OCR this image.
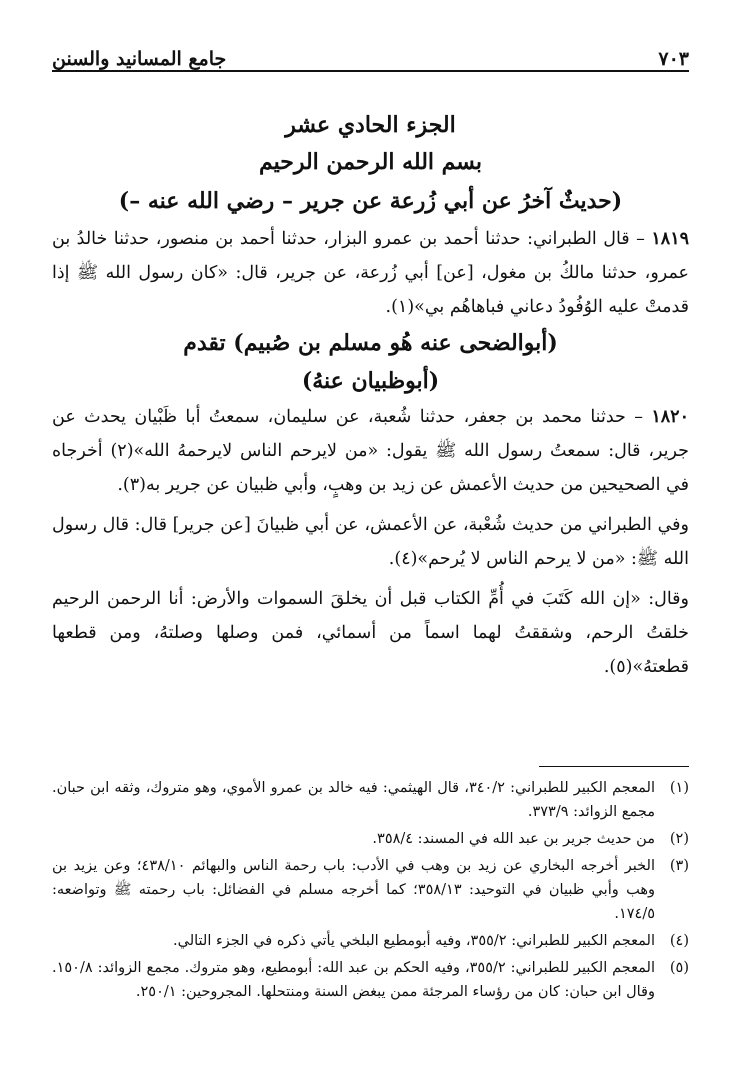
٧٠٣
جامع المسانيد والسنن
الجزء الحادي عشر
بسم الله الرحمن الرحيم
(حديثٌ آخرُ عن أبي زُرعة عن جرير – رضي الله عنه –)
١٨١٩ – قال الطبراني: حدثنا أحمد بن عمرو البزار، حدثنا أحمد بن منصور، حدثنا خالدُ بن عمرو، حدثنا مالكُ بن مغول، [عن] أبي زُرعة، عن جرير، قال: «كان رسول الله ﷺ إذا قدمتْ عليه الوُفُودُ دعاني فباهاهُم بي»(١).
(أبوالضحى عنه هُو مسلم بن صُبيم) تقدم
(أبوظبيان عنهُ)
١٨٢٠ – حدثنا محمد بن جعفر، حدثنا شُعبة، عن سليمان، سمعتُ أبا ظَبْيان يحدث عن جرير، قال: سمعتُ رسول الله ﷺ يقول: «من لايرحم الناس لايرحمهُ الله»(٢) أخرجاه في الصحيحين من حديث الأعمش عن زيد بن وهبٍ، وأبي ظبيان عن جرير به(٣).
وفي الطبراني من حديث شُعْبة، عن الأعمش، عن أبي ظبيانَ [عن جرير] قال: قال رسول الله ﷺ: «من لا يرحم الناس لا يُرحم»(٤).
وقال: «إن الله كَتَبَ في أُمِّ الكتاب قبل أن يخلقَ السموات والأرض: أنا الرحمن الرحيم خلقتُ الرحم، وشققتُ لهما اسماً من أسمائي، فمن وصلها وصلتهُ، ومن قطعها قطعتهُ»(٥).
(١)
المعجم الكبير للطبراني: ٣٤٠/٢، قال الهيثمي: فيه خالد بن عمرو الأموي، وهو متروك، وثقه ابن حبان. مجمع الزوائد: ٣٧٣/٩.
(٢)
من حديث جرير بن عبد الله في المسند: ٣٥٨/٤.
(٣)
الخبر أخرجه البخاري عن زيد بن وهب في الأدب: باب رحمة الناس والبهائم ٤٣٨/١٠؛ وعن يزيد بن وهب وأبي ظبيان في التوحيد: ٣٥٨/١٣؛ كما أخرجه مسلم في الفضائل: باب رحمته ﷺ وتواضعه: ١٧٤/٥.
(٤)
المعجم الكبير للطبراني: ٣٥٥/٢، وفيه أبومطيع البلخي يأتي ذكره في الجزء التالي.
(٥)
المعجم الكبير للطبراني: ٣٥٥/٢، وفيه الحكم بن عبد الله: أبومطيع، وهو متروك. مجمع الزوائد: ١٥٠/٨. وقال ابن حبان: كان من رؤساء المرجئة ممن يبغض السنة ومنتحلها. المجروحين: ٢٥٠/١.
